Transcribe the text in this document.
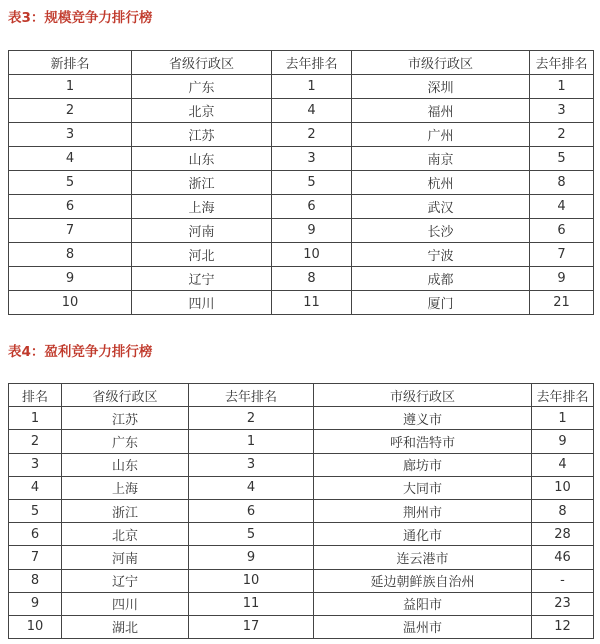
表3：规模竞争力排行榜
新排名	省级行政区	去年排名	市级行政区	去年排名
1	广东	1	深圳	1
2	北京	4	福州	3
3	江苏	2	广州	2
4	山东	3	南京	5
5	浙江	5	杭州	8
6	上海	6	武汉	4
7	河南	9	长沙	6
8	河北	10	宁波	7
9	辽宁	8	成都	9
10	四川	11	厦门	21
表4：盈利竞争力排行榜
排名	省级行政区	去年排名	市级行政区	去年排名
1	江苏	2	遵义市	1
2	广东	1	呼和浩特市	9
3	山东	3	廊坊市	4
4	上海	4	大同市	10
5	浙江	6	荆州市	8
6	北京	5	通化市	28
7	河南	9	连云港市	46
8	辽宁	10	延边朝鲜族自治州	-
9	四川	11	益阳市	23
10	湖北	17	温州市	12
